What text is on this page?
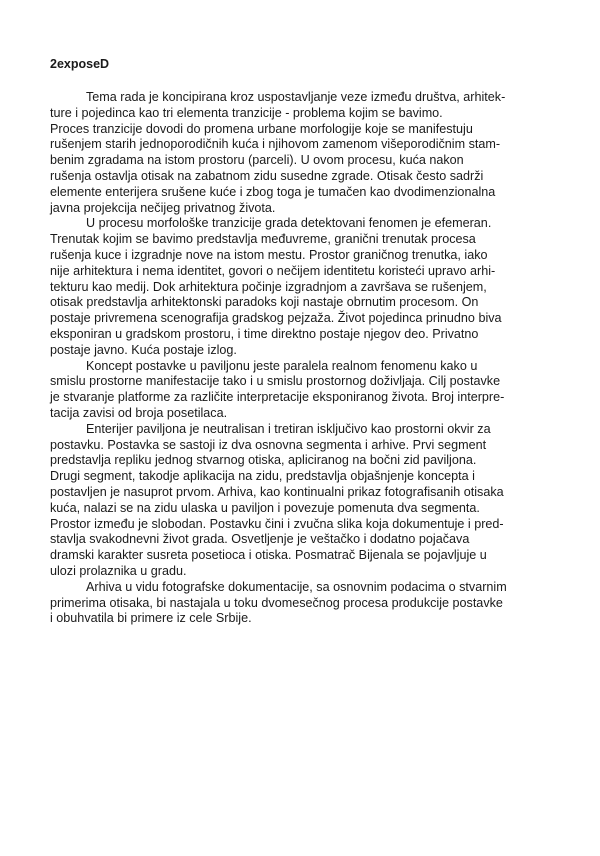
2exposeD

Tema rada je koncipirana kroz uspostavljanje veze između društva, arhitek-
ture i pojedinca kao tri elementa tranzicije - problema kojim se bavimo.
Proces tranzicije dovodi do promena urbane morfologije koje se manifestuju
rušenjem starih jednoporodičnih kuća i njihovom zamenom višeporodičnim stam-
benim zgradama na istom prostoru (parceli). U ovom procesu, kuća nakon
rušenja ostavlja otisak na zabatnom zidu susedne zgrade. Otisak često sadrži
elemente enterijera srušene kuće i zbog toga je tumačen kao dvodimenzionalna
javna projekcija nečijeg privatnog života.

U procesu morfološke tranzicije grada detektovani fenomen je efemeran.
Trenutak kojim se bavimo predstavlja međuvreme, granični trenutak procesa
rušenja kuce i izgradnje nove na istom mestu. Prostor graničnog trenutka, iako
nije arhitektura i nema identitet, govori o nečijem identitetu koristeći upravo arhi-
tekturu kao medij. Dok arhitektura počinje izgradnjom a završava se rušenjem,
otisak predstavlja arhitektonski paradoks koji nastaje obrnutim procesom. On
postaje privremena scenografija gradskog pejzaža. Život pojedinca prinudno biva
eksponiran u gradskom prostoru, i time direktno postaje njegov deo. Privatno
postaje javno. Kuća postaje izlog.

Koncept postavke u paviljonu jeste paralela realnom fenomenu kako u
smislu prostorne manifestacije tako i u smislu prostornog doživljaja. Cilj postavke
je stvaranje platforme za različite interpretacije eksponiranog života. Broj interpre-
tacija zavisi od broja posetilaca.

Enterijer paviljona je neutralisan i tretiran isključivo kao prostorni okvir za
postavku. Postavka se sastoji iz dva osnovna segmenta i arhive. Prvi segment
predstavlja repliku jednog stvarnog otiska, apliciranog na bočni zid paviljona.
Drugi segment, takodje aplikacija na zidu, predstavlja objašnjenje koncepta i
postavljen je nasuprot prvom. Arhiva, kao kontinualni prikaz fotografisanih otisaka
kuća, nalazi se na zidu ulaska u paviljon i povezuje pomenuta dva segmenta.
Prostor između je slobodan. Postavku čini i zvučna slika koja dokumentuje i pred-
stavlja svakodnevni život grada. Osvetljenje je veštačko i dodatno pojačava
dramski karakter susreta posetioca i otiska. Posmatrač Bijenala se pojavljuje u
ulozi prolaznika u gradu.

Arhiva u vidu fotografske dokumentacije, sa osnovnim podacima o stvarnim
primerima otisaka, bi nastajala u toku dvomesečnog procesa produkcije postavke
i obuhvatila bi primere iz cele Srbije.
